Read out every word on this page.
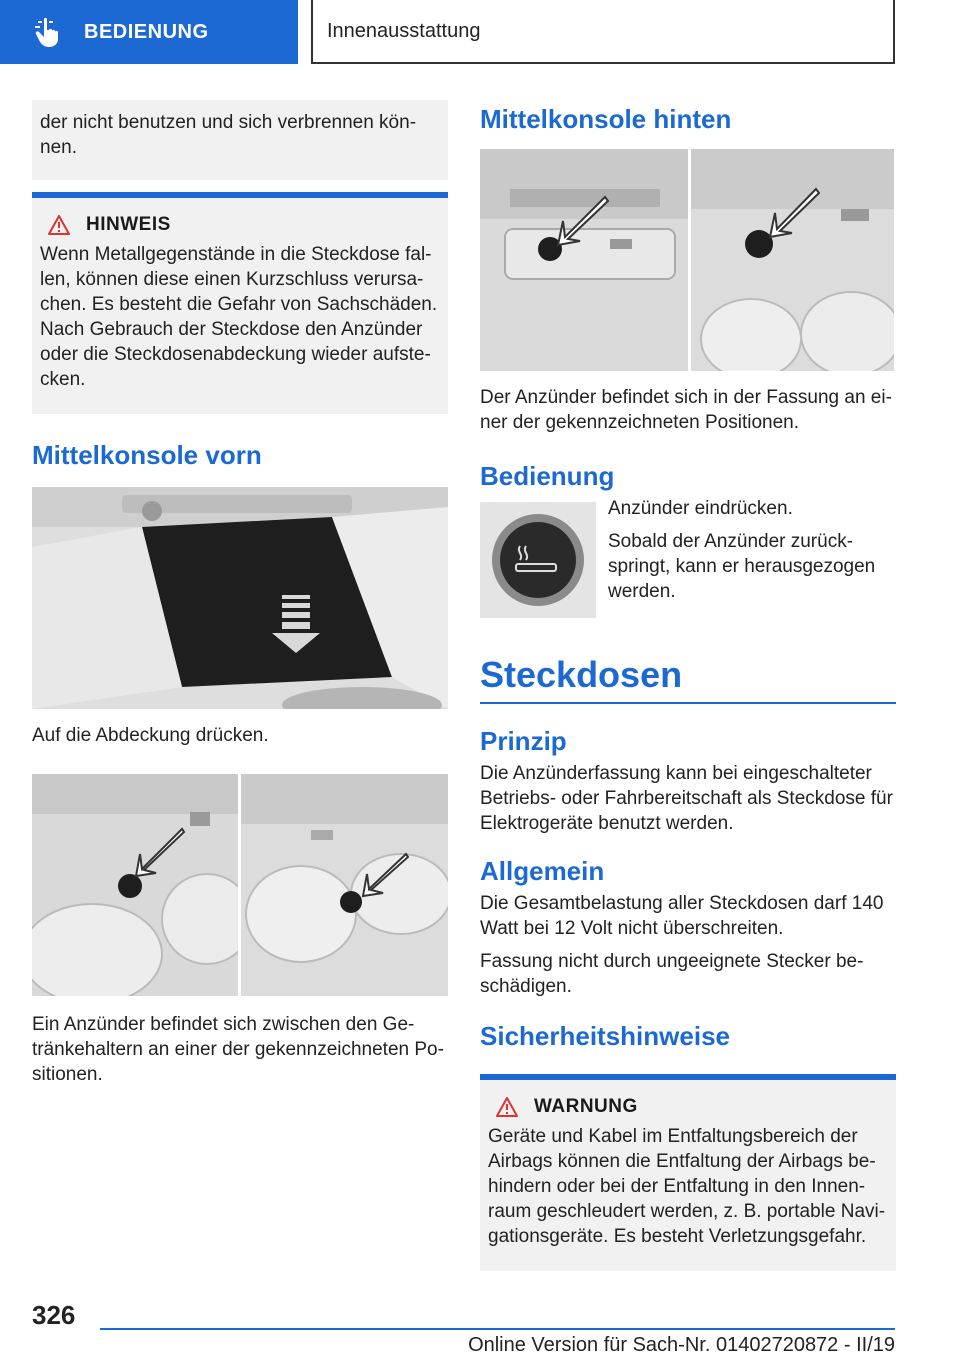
BEDIENUNG	Innenausstattung

der nicht benutzen und sich verbrennen kön-nen.

HINWEIS

Wenn Metallgegenstände in die Steckdose fal-len, können diese einen Kurzschluss verursa-chen. Es besteht die Gefahr von Sachschäden. Nach Gebrauch der Steckdose den Anzünder oder die Steckdosenabdeckung wieder aufste-cken.

Mittelkonsole vorn

Auf die Abdeckung drücken.

Ein Anzünder befindet sich zwischen den Ge-tränkehaltern an einer der gekennzeichneten Po-sitionen.

Mittelkonsole hinten

Der Anzünder befindet sich in der Fassung an ei-ner der gekennzeichneten Positionen.

Bedienung

Anzünder eindrücken.

Sobald der Anzünder zurück-springt, kann er herausgezogen werden.

Steckdosen
Prinzip

Die Anzünderfassung kann bei eingeschalteter Betriebs- oder Fahrbereitschaft als Steckdose für Elektrogeräte benutzt werden.

Allgemein

Die Gesamtbelastung aller Steckdosen darf 140 Watt bei 12 Volt nicht überschreiten.

Fassung nicht durch ungeeignete Stecker be-schädigen.

Sicherheitshinweise
WARNUNG

Geräte und Kabel im Entfaltungsbereich der Airbags können die Entfaltung der Airbags be-hindern oder bei der Entfaltung in den Innen-raum geschleudert werden, z. B. portable Navi-gationsgeräte. Es besteht Verletzungsgefahr.

326
Online Version für Sach-Nr. 01402720872 - II/19
